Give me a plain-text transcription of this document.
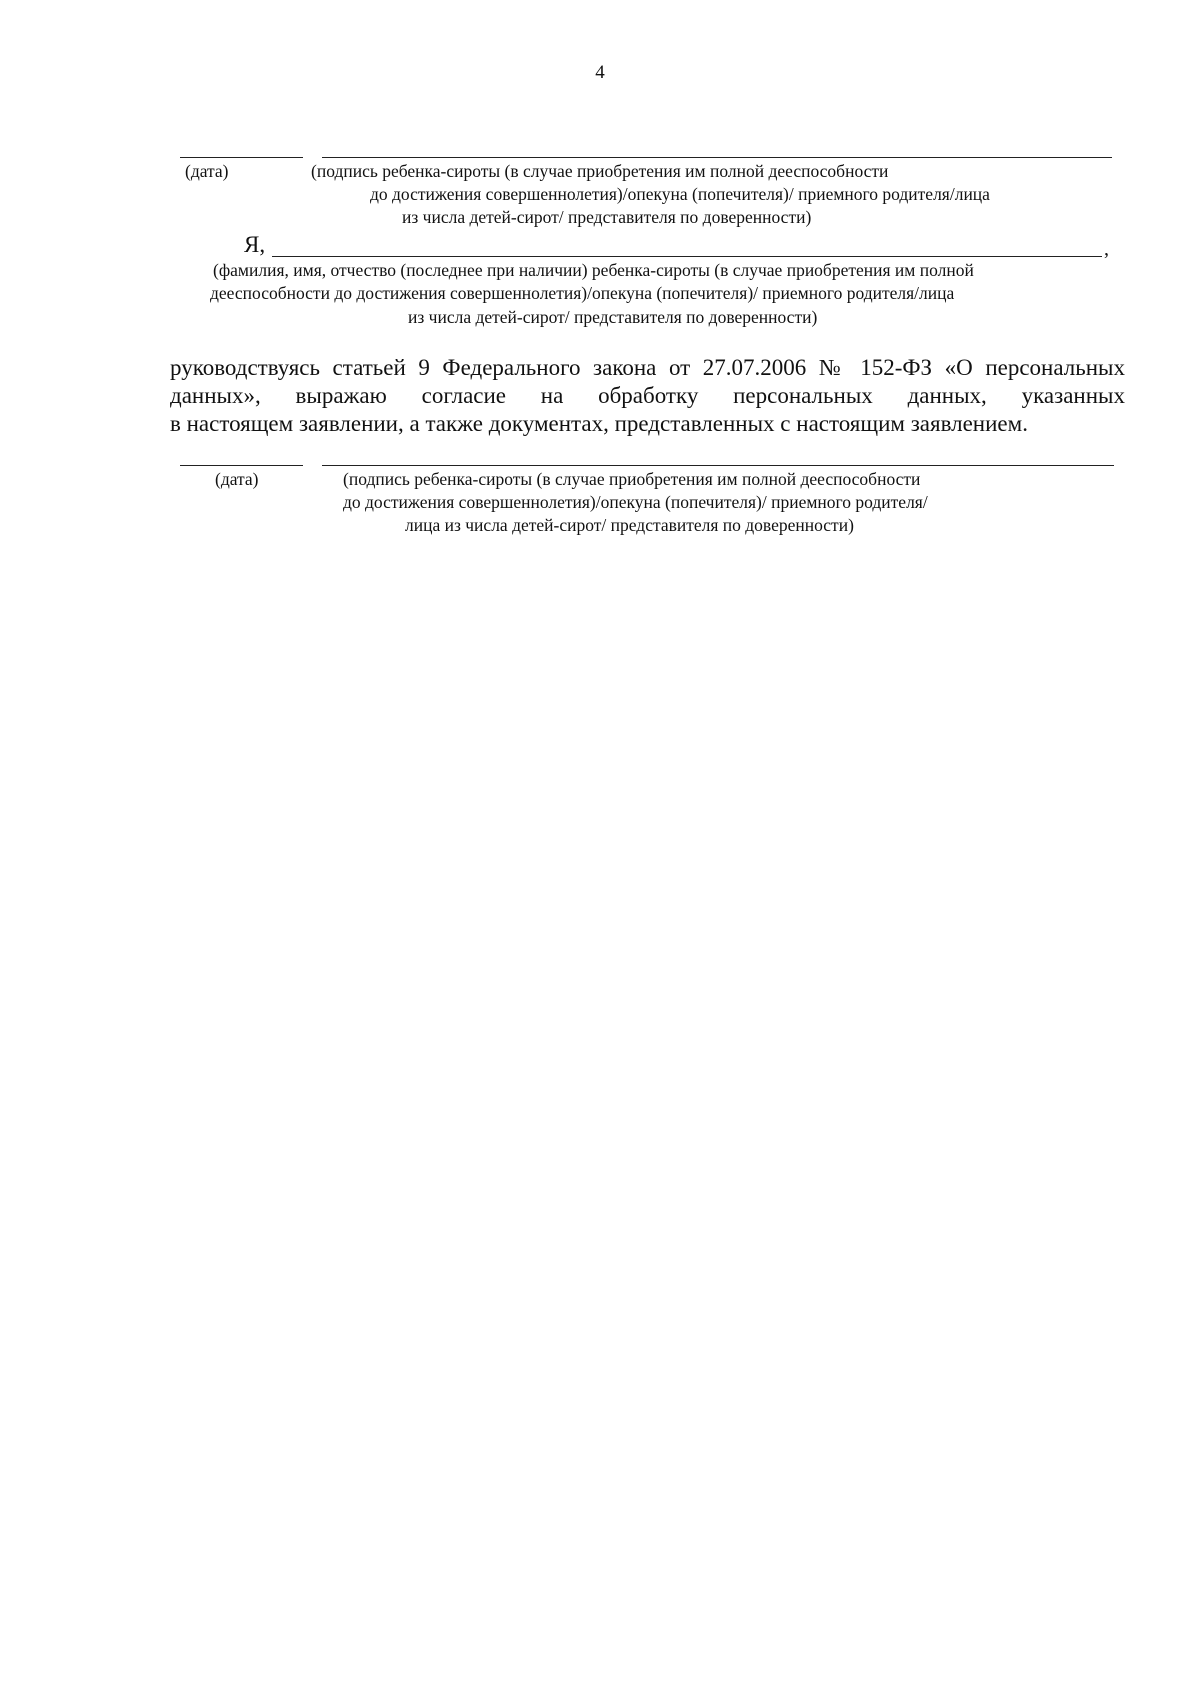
4
(дата)	(подпись ребенка-сироты (в случае приобретения им полной дееспособности
до достижения совершеннолетия)/опекуна (попечителя)/ приемного родителя/лица
из числа детей-сирот/ представителя по доверенности)
Я,	,
(фамилия, имя, отчество (последнее при наличии) ребенка-сироты (в случае приобретения им полной
дееспособности до достижения совершеннолетия)/опекуна (попечителя)/ приемного родителя/лица
из числа детей-сирот/ представителя по доверенности)
руководствуясь статьей 9 Федерального закона от 27.07.2006 № 152-ФЗ «О персональных
данных», выражаю согласие на обработку персональных данных, указанных
в настоящем заявлении, а также документах, представленных с настоящим заявлением.
(дата)	(подпись ребенка-сироты (в случае приобретения им полной дееспособности
до достижения совершеннолетия)/опекуна (попечителя)/ приемного родителя/
лица из числа детей-сирот/ представителя по доверенности)
